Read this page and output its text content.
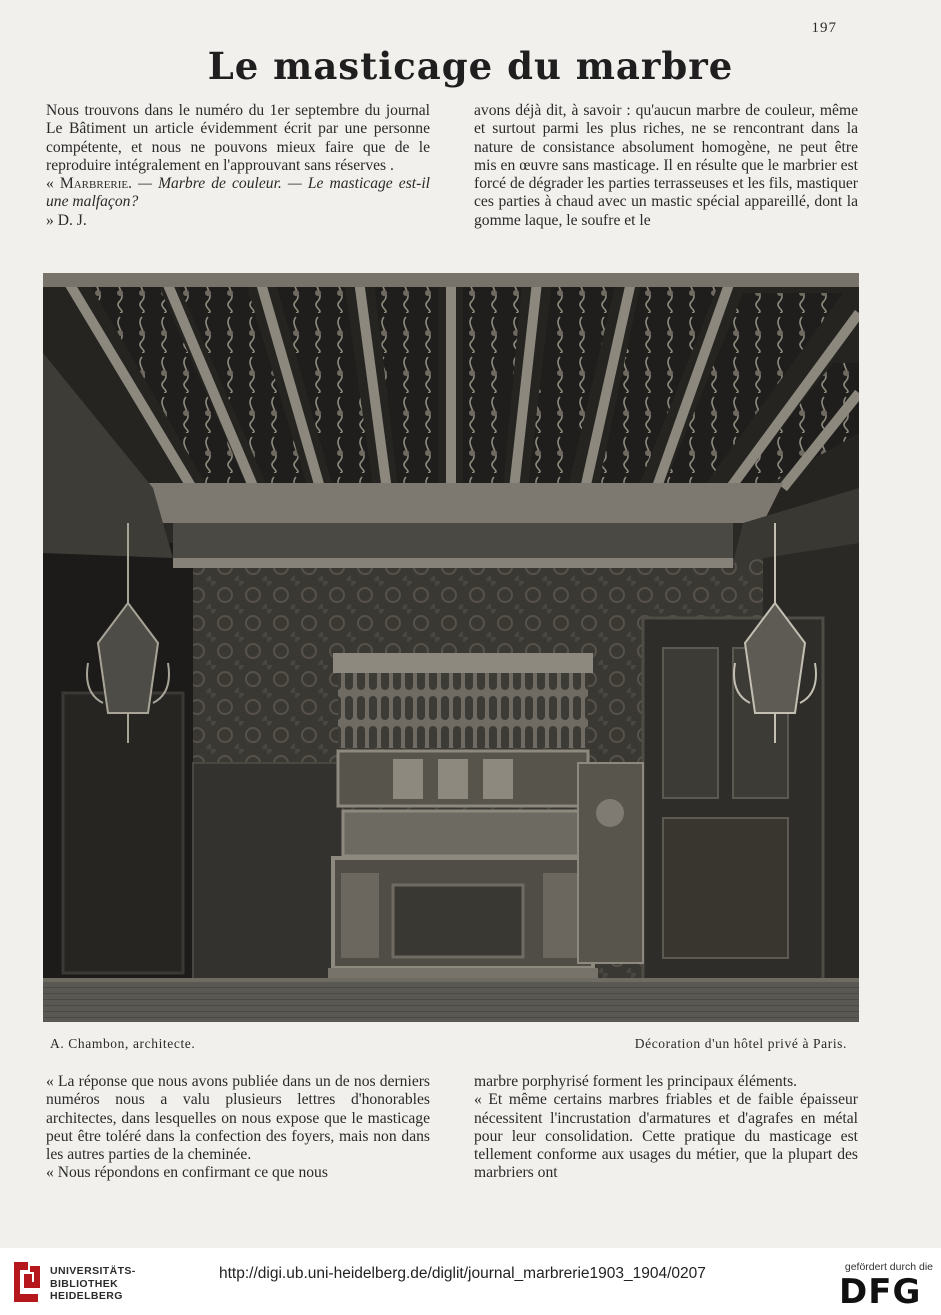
197
Le masticage du marbre

Nous trouvons dans le numéro du 1er septembre du journal Le Bâtiment un article évidemment écrit par une personne compétente, et nous ne pouvons mieux faire que de le reproduire intégralement en l'approuvant sans réserves .

« Marbrerie. — Marbre de couleur. — Le masticage est-il une malfaçon?

» D. J.

avons déjà dit, à savoir : qu'aucun marbre de couleur, même et surtout parmi les plus riches, ne se rencontrant dans la nature de consistance absolument homogène, ne peut être mis en œuvre sans masticage. Il en résulte que le marbrier est forcé de dégrader les parties terrasseuses et les fils, mastiquer ces parties à chaud avec un mastic spécial appareillé, dont la gomme laque, le soufre et le

A. Chambon, architecte.	Décoration d'un hôtel privé à Paris.

« La réponse que nous avons publiée dans un de nos derniers numéros nous a valu plusieurs lettres d'honorables architectes, dans lesquelles on nous expose que le masticage peut être toléré dans la confection des foyers, mais non dans les autres parties de la cheminée.

« Nous répondons en confirmant ce que nous

marbre porphyrisé forment les principaux éléments.

« Et même certains marbres friables et de faible épaisseur nécessitent l'incrustation d'armatures et d'agrafes en métal pour leur consolidation. Cette pratique du masticage est tellement conforme aux usages du métier, que la plupart des marbriers ont

UNIVERSITÄTS-
BIBLIOTHEK
HEIDELBERG
http://digi.ub.uni-heidelberg.de/diglit/journal_marbrerie1903_1904/0207	gefördert durch die
DFG
